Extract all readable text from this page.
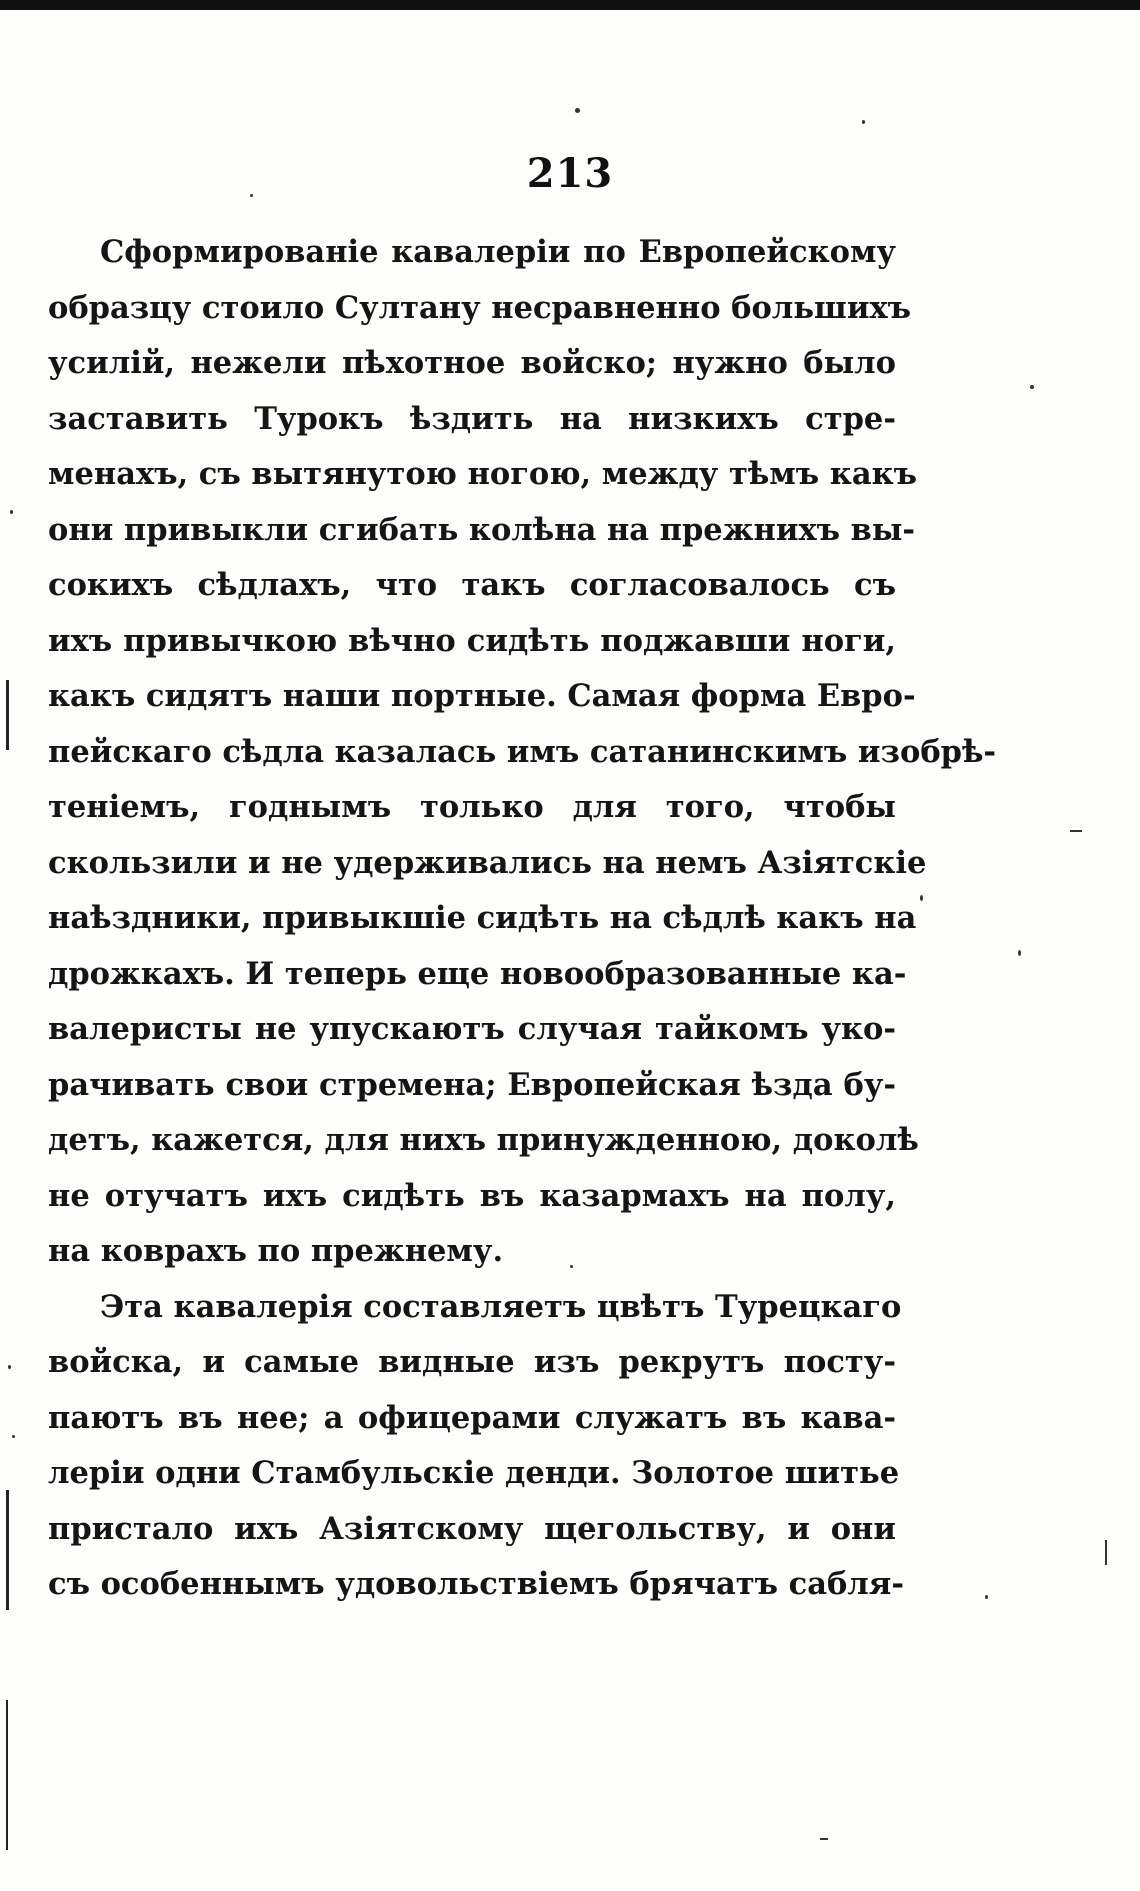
213
Сформированіе кавалеріи по Европейскому
образцу стоило Султану несравненно большихъ
усилій, нежели пѣхотное войско; нужно было
заставить Турокъ ѣздить на низкихъ стре-
менахъ, съ вытянутою ногою, между тѣмъ какъ
они привыкли сгибать колѣна на прежнихъ вы-
сокихъ сѣдлахъ, что такъ согласовалось съ
ихъ привычкою вѣчно сидѣть поджавши ноги,
какъ сидятъ наши портные. Самая форма Евро-
пейскаго сѣдла казалась имъ сатанинскимъ изобрѣ-
теніемъ, годнымъ только для того, чтобы
скользили и не удерживались на немъ Азіятскіе
наѣздники, привыкшіе сидѣть на сѣдлѣ какъ на
дрожкахъ. И теперь еще новообразованные ка-
валеристы не упускаютъ случая тайкомъ уко-
рачивать свои стремена; Европейская ѣзда бу-
детъ, кажется, для нихъ принужденною, доколѣ
не отучатъ ихъ сидѣть въ казармахъ на полу,
на коврахъ по прежнему.
Эта кавалерія составляетъ цвѣтъ Турецкаго
войска, и самые видные изъ рекрутъ посту-
паютъ въ нее; а офицерами служатъ въ кава-
леріи одни Стамбульскіе денди. Золотое шитье
пристало ихъ Азіятскому щегольству, и они
съ особеннымъ удовольствіемъ брячатъ сабля-
